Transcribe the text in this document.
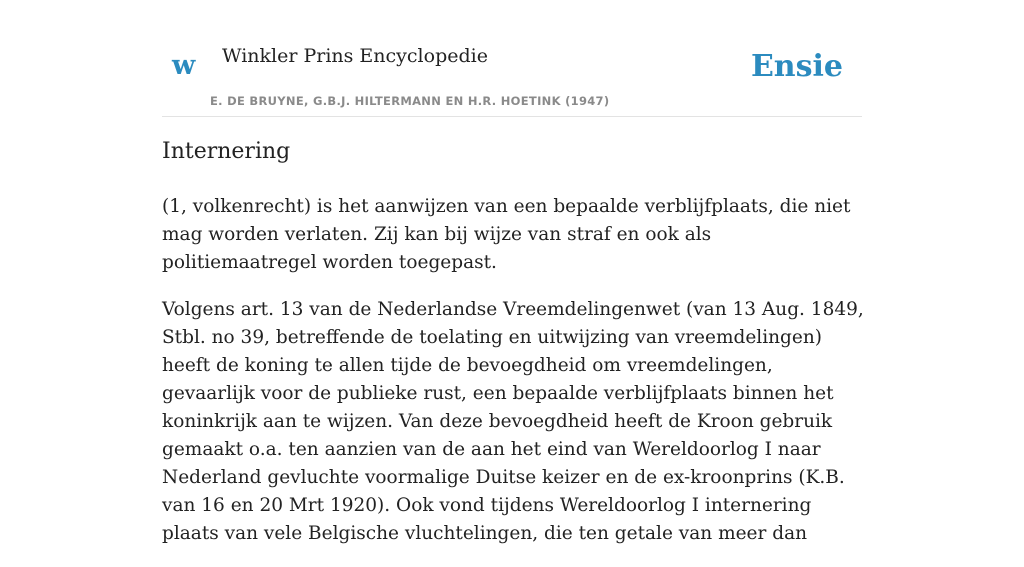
w Winkler Prins Encyclopedie
E. DE BRUYNE, G.B.J. HILTERMANN EN H.R. HOETINK (1947)
Ensie
Internering

(1, volkenrecht) is het aanwijzen van een bepaalde verblijfplaats, die niet mag worden verlaten. Zij kan bij wijze van straf en ook als politiemaatregel worden toegepast.

Volgens art. 13 van de Nederlandse Vreemdelingenwet (van 13 Aug. 1849, Stbl. no 39, betreffende de toelating en uitwijzing van vreemdelingen) heeft de koning te allen tijde de bevoegdheid om vreemdelingen, gevaarlijk voor de publieke rust, een bepaalde verblijfplaats binnen het koninkrijk aan te wijzen. Van deze bevoegdheid heeft de Kroon gebruik gemaakt o.a. ten aanzien van de aan het eind van Wereldoorlog I naar Nederland gevluchte voormalige Duitse keizer en de ex-kroonprins (K.B. van 16 en 20 Mrt 1920). Ook vond tijdens Wereldoorlog I internering plaats van vele Belgische vluchtelingen, die ten getale van meer dan
